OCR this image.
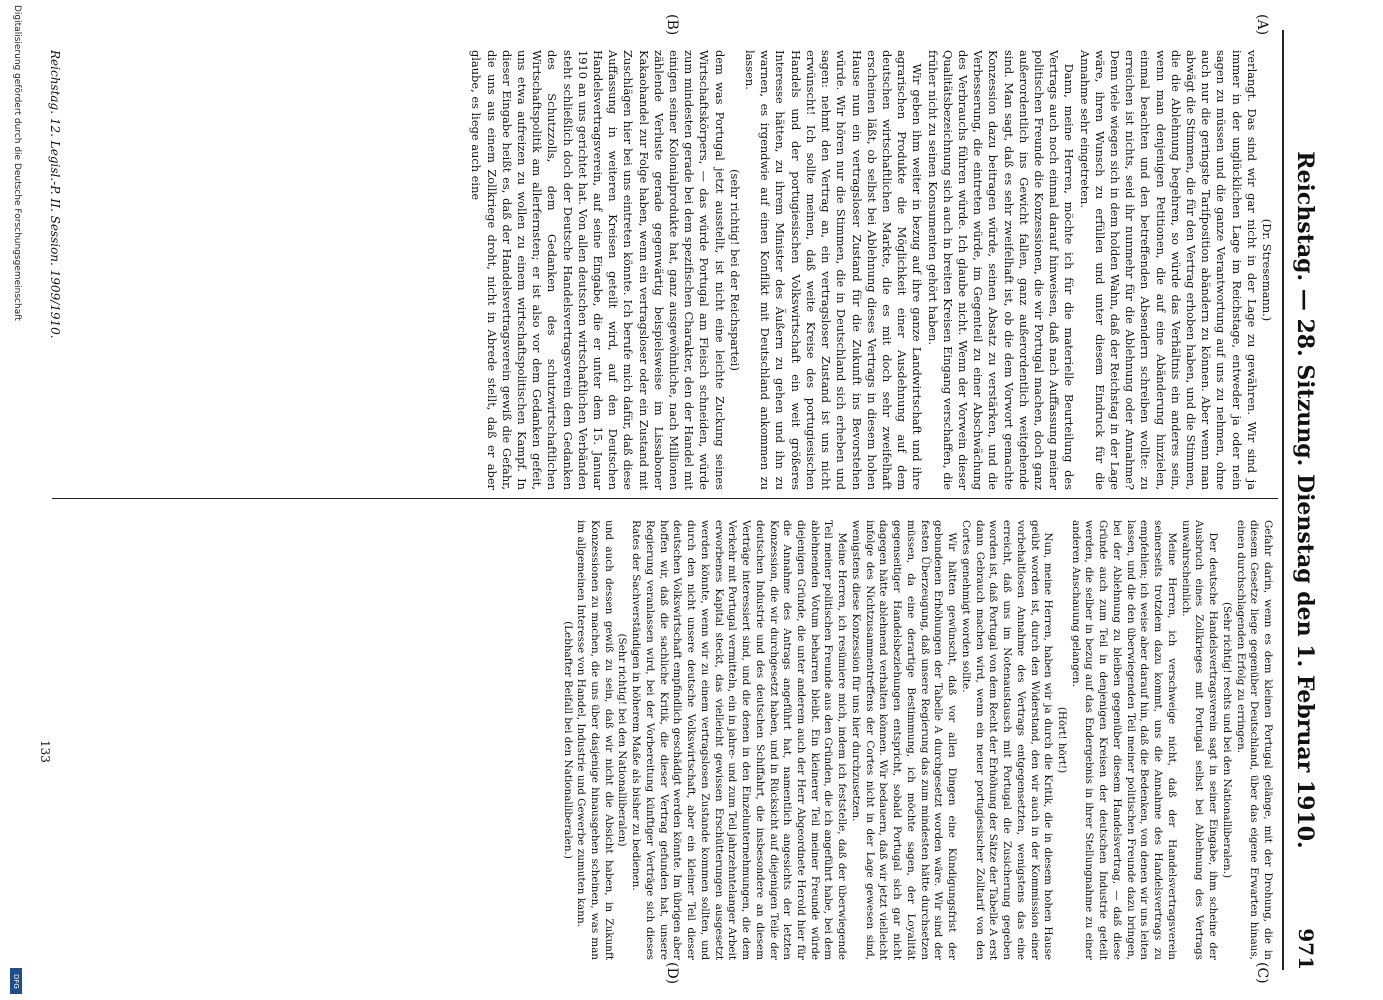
Digitalisierung gefördert durch die Deutsche Forschungsgemeinschaft
DFG
Reichstag. — 28. Sitzung. Dienstag den 1. Februar 1910.
971
(A)
(B)
(C)
(D)

(Dr. Stresemann.)

verlangt. Das sind wir gar nicht in der Lage zu gewähren. Wir sind ja immer in der unglücklichen Lage im Reichstage, entweder ja oder nein sagen zu müssen und die ganze Verantwortung auf uns zu nehmen, ohne auch nur die geringste Tarifposition abändern zu können. Aber wenn man abwägt die Stimmen, die für den Vertrag erhoben haben, und die Stimmen, die die Ablehnung begehren, so würde das Verhältnis ein anderes sein, wenn man denjenigen Petitionen, die auf eine Abänderung hinzielen, einmal beachten und den betreffenden Absendern schreiben wollte: zu erreichen ist nichts, seid ihr nunmehr für die Ablehnung oder Annahme? Denn viele wiegen sich in dem holden Wahn, daß der Reichstag in der Lage wäre, ihren Wunsch zu erfüllen und unter diesem Eindruck für die Annahme sehr eingetreten.

Dann, meine Herren, möchte ich für die materielle Beurteilung des Vertrags auch noch einmal darauf hinweisen, daß nach Auffassung meiner politischen Freunde die Konzessionen, die wir Portugal machen, doch ganz außerordentlich ins Gewicht fallen, ganz außerordentlich weitgehende sind. Man sagt, daß es sehr zweifelhaft ist, ob die dem Vorwort gemachte Konzession dazu beitragen würde, seinen Absatz zu verstärken, und die Verbesserung, die eintreten würde, im Gegenteil zu einer Abschwächung des Verbrauchs führen würde. Ich glaube nicht. Wenn der Vorwein dieser Qualitätsbezeichnung sich auch in breiten Kreisen Eingang verschaffen, die früher nicht zu seinen Konsumenten gehört haben.

Wir geben ihm weiter in bezug auf ihre ganze Landwirtschaft und ihre agrarischen Produkte die Möglichkeit einer Ausdehnung auf dem deutschen wirtschaftlichen Markte, die es mit doch sehr zweifelhaft erscheinen läßt, ob selbst bei Ablehnung dieses Vertrags in diesem hohen Hause nun ein vertragsloser Zustand für die Zukunft ins Bevorstehen würde. Wir hören nur die Stimmen, die in Deutschland sich erheben und sagen: nehmt den Vertrag an, ein vertragsloser Zustand ist uns nicht erwünscht! Ich sollte meinen, daß weite Kreise des portugiesischen Handels und der portugiesischen Volkswirtschaft ein weit größeres Interesse hätten, zu ihrem Minister des Äußern zu gehen und ihn zu warnen, es irgendwie auf einen Konflikt mit Deutschland ankommen zu lassen.

(sehr richtig! bei der Reichspartei)

dem was Portugal jetzt ausstellt, ist nicht eine leichte Zuckung seines Wirtschaftskörpers, — das würde Portugal am Fleisch schneiden, würde zum mindesten gerade bei dem spezifischen Charakter, den der Handel mit einigen seiner Kolonialprodukte hat, ganz ausgewöhnliche, nach Millionen zählende Verluste gerade gegenwärtig beispielsweise im Lissaboner Kakaohandel zur Folge haben, wenn ein vertragsloser oder ein Zustand mit Zuschlägen hier bei uns eintreten könnte. Ich berufe mich dafür, daß diese Auffassung in weiteren Kreisen geteilt wird, auf den Deutschen Handelsvertragsverein, auf seine Eingabe, die er unter dem 15. Januar 1910 an uns gerichtet hat. Von allen deutschen wirtschaftlichen Verbänden steht schließlich doch der Deutsche Handelsvertragsverein dem Gedanken des Schutzzolls, dem Gedanken des schutzwirtschaftlichen Wirtschaftspolitik am allerfernsten; er ist also vor dem Gedanken gefeit, uns etwa aufreizen zu wollen zu einem wirtschaftspolitischen Kampf. In dieser Eingabe heißt es, daß der Handelsvertragsverein gewiß die Gefahr, die uns aus einem Zollkriege droht, nicht in Abrede stellt, daß er aber glaube, es liege auch eine

Gefahr darin, wenn es dem kleinen Portugal gelänge, mit der Drohung, die in diesem Gesetze liege gegenüber Deutschland, über das eigene Erwarten hinaus, einen durchschlagenden Erfolg zu erringen.

(Sehr richtig! rechts und bei den Nationalliberalen.)

Der deutsche Handelsvertragsverein sagt in seiner Eingabe, ihm scheine der Ausbruch eines Zollkrieges mit Portugal selbst bei Ablehnung des Vertrags unwahrscheinlich.

Meine Herren, ich verschweige nicht, daß der Handelsvertragsverein seinerseits trotzdem dazu kommt, uns die Annahme des Handelsvertrags zu empfehlen; ich weise aber darauf hin, daß die Bedenken, von denen wir uns leiten lassen, und die den überwiegenden Teil meiner politischen Freunde dazu bringen, bei der Ablehnung zu bleiben gegenüber diesem Handelsvertrag, — daß diese Gründe auch zum Teil in denjenigen Kreisen der deutschen Industrie geteilt werden, die selber in bezug auf das Endergebnis in ihrer Stellungnahme zu einer anderen Anschauung gelangen.

(Hört! hört!)

Nun, meine Herren, haben wir ja durch die Kritik, die in diesem hohen Hause geübt worden ist, durch den Widerstand, den wir auch in der Kommission einer vorbehaltlosen Annahme des Vertrags entgegensetzten, wenigstens das eine erreicht, daß uns im Notenaustausch mit Portugal die Zusicherung gegeben worden ist, daß Portugal von dem Recht der Erhöhung der Sätze der Tabelle A erst dann Gebrauch machen wird, wenn ein neuer portugiesischer Zolltarif von den Cortes genehmigt worden sollte.

Wir hätten gewünscht, daß vor allen Dingen eine Kündigungsfrist der gebundenen Erhöhungen der Tabelle A durchgesetzt worden wäre. Wir sind der festen Überzeugung, daß unsere Regierung das zum mindesten hätte durchsetzen müssen, da eine derartige Bestimmung, ich möchte sagen, der Loyalität gegenseitiger Handelsbeziehungen entspricht, sobald Portugal sich gar nicht dagegen hätte ablehnend verhalten können. Wir bedauern, daß wir jetzt vielleicht infolge des Nichtzusammentreffens der Cortes nicht in der Lage gewesen sind, wenigstens diese Konzession für uns hier durchzusetzen.

Meine Herren, ich resümiere mich, indem ich feststelle, daß der überwiegende Teil meiner politischen Freunde aus den Gründen, die ich angeführt habe, bei dem ablehnenden Votum beharren bleibt. Ein kleinerer Teil meiner Freunde würde diejenigen Gründe, die unter anderem auch der Herr Abgeordnete Herold hier für die Annahme des Antrags angeführt hat, namentlich angesichts der letzten Konzession, die wir durchgesetzt haben, und in Rücksicht auf diejenigen Teile der deutschen Industrie und des deutschen Schiffahrt, die insbesondere an diesem Verträge interessiert sind, und die denen in den Einzelunternehmungen, die dem Verkehr mit Portugal vermitteln, ein in jahre- und zum Teil jahrzehntelanger Arbeit erworbenes Kapital steckt, das vielleicht gewissen Erschütterungen ausgesetzt werden könnte, wenn wir zu einem vertragslosen Zustande kommen sollten, und durch den nicht unsere deutsche Volkswirtschaft, aber ein kleiner Teil dieser deutschen Volkswirtschaft empfindlich geschädigt werden könnte. Im übrigen aber hoffen wir, daß die sachliche Kritik, die dieser Vertrag gefunden hat, unsere Regierung veranlassen wird, bei der Vorbereitung künftiger Verträge sich dieses Rates der Sachverständigen in höherem Maße als bisher zu bedienen.

(Sehr richtig! bei den Nationalliberalen)

und auch dessen gewiß zu sein, daß wir nicht die Absicht haben, in Zukunft Konzessionen zu machen, die uns über dasjenige hinausgehen scheinen, was man im allgemeinen Interesse von Handel, Industrie und Gewerbe zumuten kann.

(Lebhafter Beifall bei den Nationalliberalen.)

Reichstag. 12. Legisl.-P. II. Session. 1909/1910.
133
